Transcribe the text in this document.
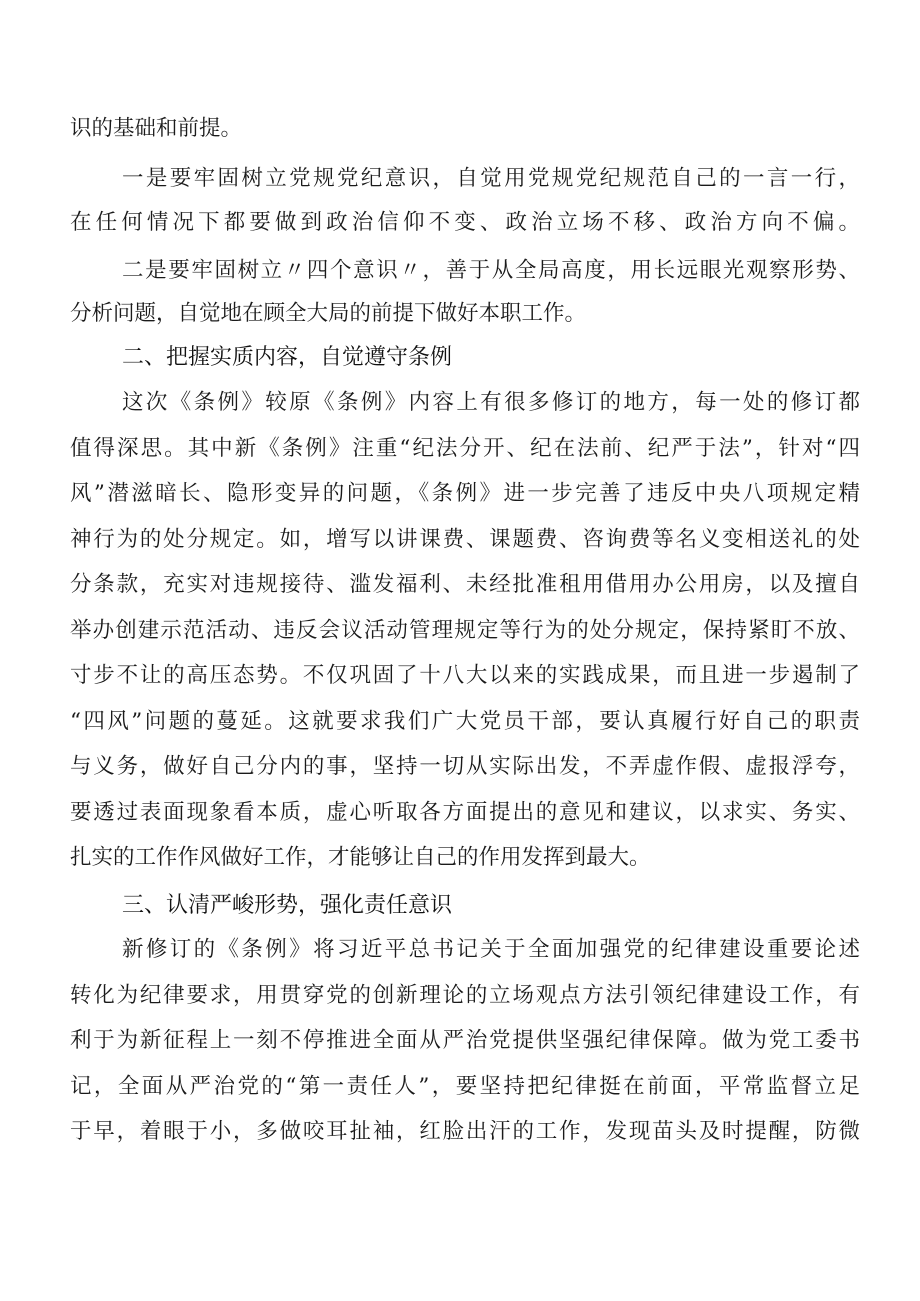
识的基础和前提。
一是要牢固树立党规党纪意识，自觉用党规党纪规范自己的一言一行，
在任何情况下都要做到政治信仰不变、政治立场不移、政治方向不偏。
二是要牢固树立〃四个意识〃，善于从全局高度，用长远眼光观察形势、
分析问题，自觉地在顾全大局的前提下做好本职工作。
二、把握实质内容，自觉遵守条例
这次《条例》较原《条例》内容上有很多修订的地方，每一处的修订都
值得深思。其中新《条例》注重“纪法分开、纪在法前、纪严于法”，针对“四
风”潜滋暗长、隐形变异的问题，《条例》进一步完善了违反中央八项规定精
神行为的处分规定。如，增写以讲课费、课题费、咨询费等名义变相送礼的处
分条款，充实对违规接待、滥发福利、未经批准租用借用办公用房，以及擅自
举办创建示范活动、违反会议活动管理规定等行为的处分规定，保持紧盯不放、
寸步不让的高压态势。不仅巩固了十八大以来的实践成果，而且进一步遏制了
“四风”问题的蔓延。这就要求我们广大党员干部，要认真履行好自己的职责
与义务，做好自己分内的事，坚持一切从实际出发，不弄虚作假、虚报浮夸，
要透过表面现象看本质，虚心听取各方面提出的意见和建议，以求实、务实、
扎实的工作作风做好工作，才能够让自己的作用发挥到最大。
三、认清严峻形势，强化责任意识
新修订的《条例》将习近平总书记关于全面加强党的纪律建设重要论述
转化为纪律要求，用贯穿党的创新理论的立场观点方法引领纪律建设工作，有
利于为新征程上一刻不停推进全面从严治党提供坚强纪律保障。做为党工委书
记，全面从严治党的“第一责任人”，要坚持把纪律挺在前面，平常监督立足
于早，着眼于小，多做咬耳扯袖，红脸出汗的工作，发现苗头及时提醒，防微
